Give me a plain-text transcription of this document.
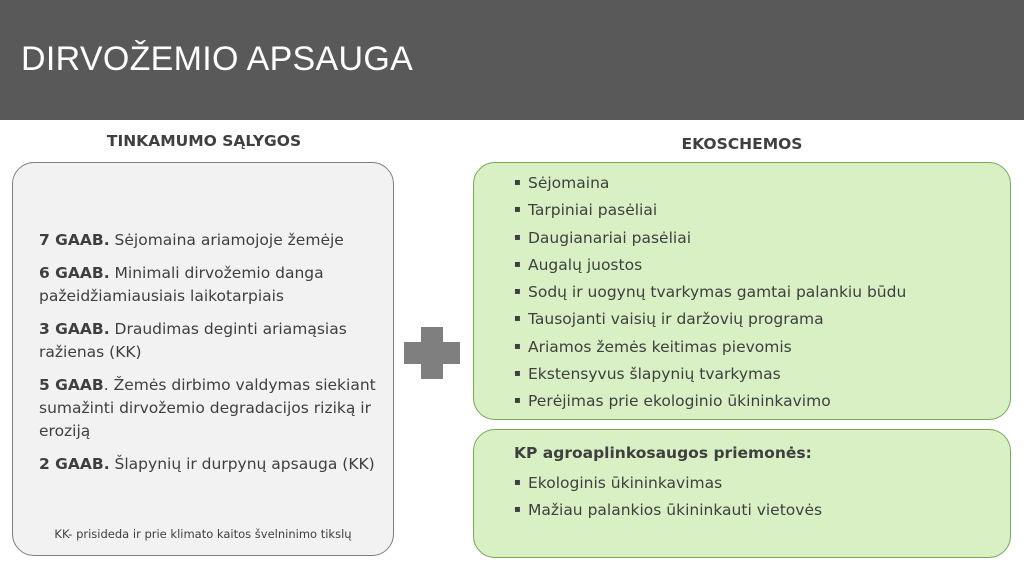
DIRVOŽEMIO APSAUGA
TINKAMUMO SĄLYGOS	EKOSCHEMOS
7 GAAB. Sėjomaina ariamojoje žemėje
6 GAAB. Minimali dirvožemio danga pažeidžiamiausiais laikotarpiais
3 GAAB. Draudimas deginti ariamąsias ražienas (KK)
5 GAAB. Žemės dirbimo valdymas siekiant sumažinti dirvožemio degradacijos riziką ir eroziją
2 GAAB. Šlapynių ir durpynų apsauga (KK)
KK- prisideda ir prie klimato kaitos švelninimo tikslų
▪ Sėjomaina
▪ Tarpiniai pasėliai
▪ Daugianariai pasėliai
▪ Augalų juostos
▪ Sodų ir uogynų tvarkymas gamtai palankiu būdu
▪ Tausojanti vaisių ir daržovių programa
▪ Ariamos žemės keitimas pievomis
▪ Ekstensyvus šlapynių tvarkymas
▪ Perėjimas prie ekologinio ūkininkavimo
KP agroaplinkosaugos priemonės:
▪ Ekologinis ūkininkavimas
▪ Mažiau palankios ūkininkauti vietovės
